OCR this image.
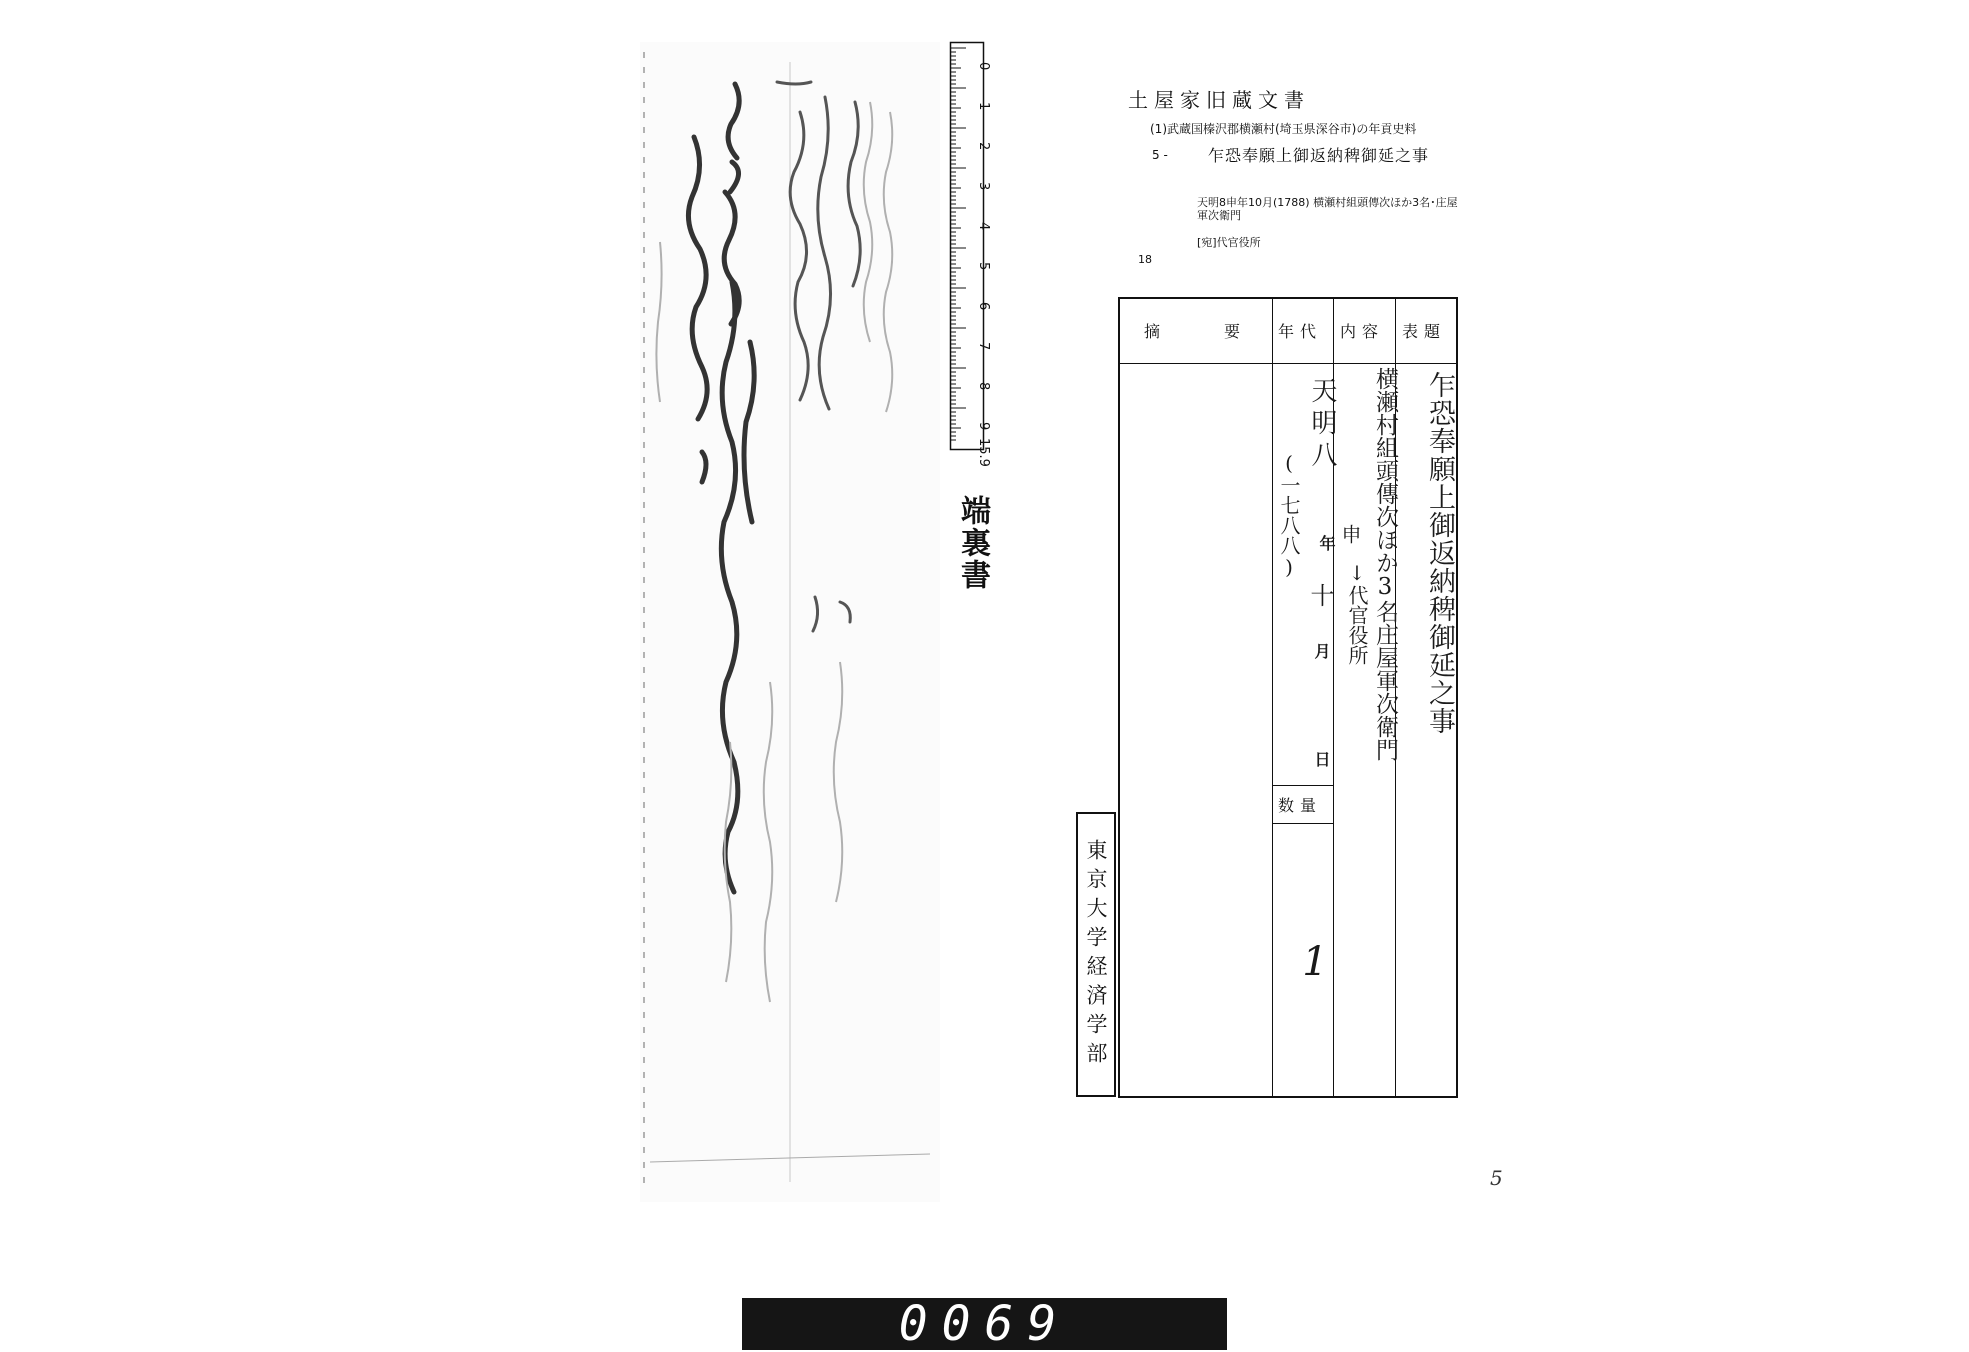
0
1
2
3
4
5
6
7
8
9
15.9
端裏書
土屋家旧蔵文書
(1)武蔵国榛沢郡横瀬村(埼玉県深谷市)の年貢史料
5 -	乍恐奉願上御返納稗御延之事
天明8申年10月(1788) 横瀬村組頭傳次ほか3名･庄屋軍次衛門
[宛]代官役所
18
摘　　　要 年代 内容 表題
数量
乍恐奉願上御返納稗御延之事
横瀬村組頭傳次ほか3名庄屋軍次衛門
↓代官役所
天明八
(一七八八) 年 申
十
月
日
1
東京大学経済学部
5
0069
